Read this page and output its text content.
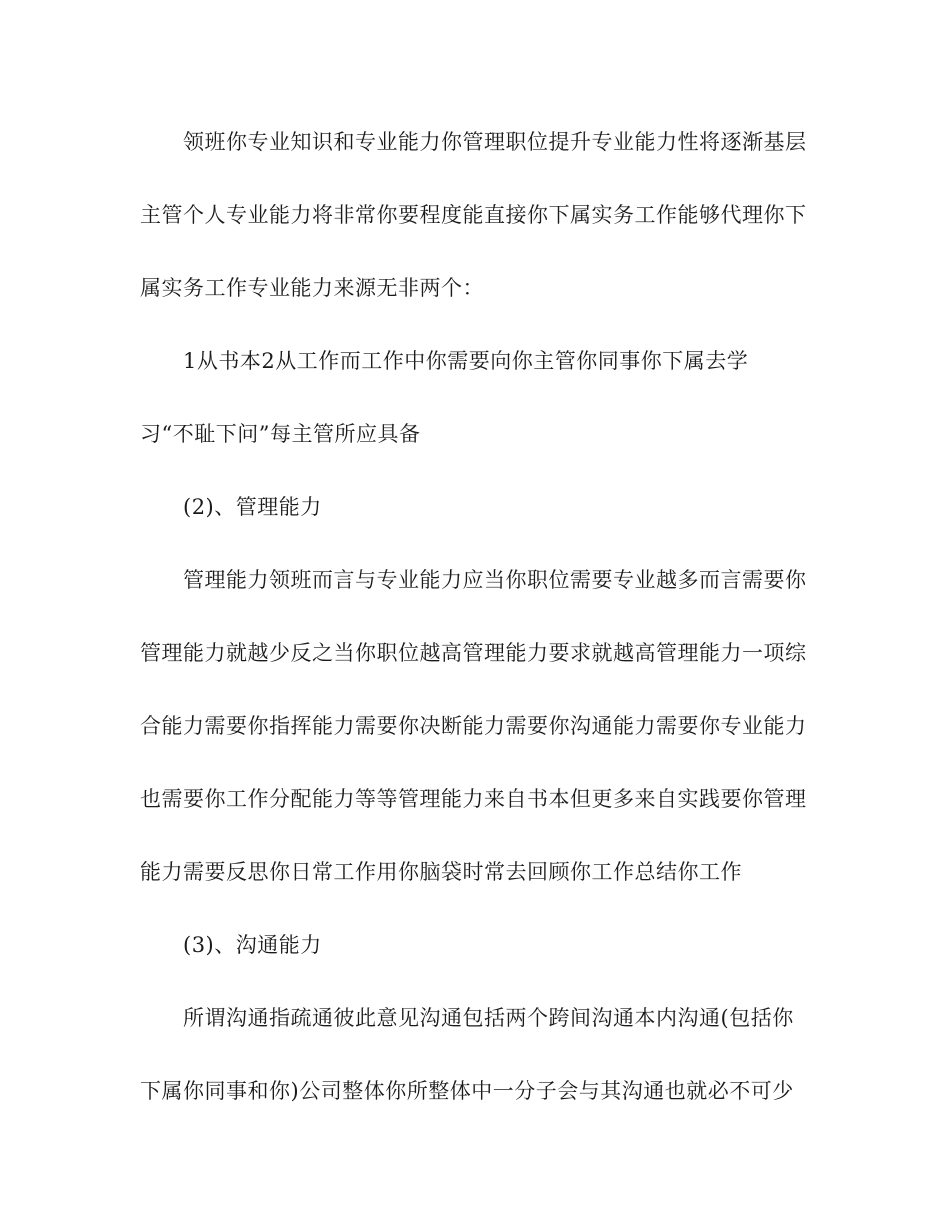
领班你专业知识和专业能力你管理职位提升专业能力性将逐渐基层
主管个人专业能力将非常你要程度能直接你下属实务工作能够代理你下
属实务工作专业能力来源无非两个：
1从书本2从工作而工作中你需要向你主管你同事你下属去学
习“不耻下问”每主管所应具备
(2)、管理能力
管理能力领班而言与专业能力应当你职位需要专业越多而言需要你
管理能力就越少反之当你职位越高管理能力要求就越高管理能力一项综
合能力需要你指挥能力需要你决断能力需要你沟通能力需要你专业能力
也需要你工作分配能力等等管理能力来自书本但更多来自实践要你管理
能力需要反思你日常工作用你脑袋时常去回顾你工作总结你工作
(3)、沟通能力
所谓沟通指疏通彼此意见沟通包括两个跨间沟通本内沟通(包括你
下属你同事和你)公司整体你所整体中一分子会与其沟通也就必不可少
